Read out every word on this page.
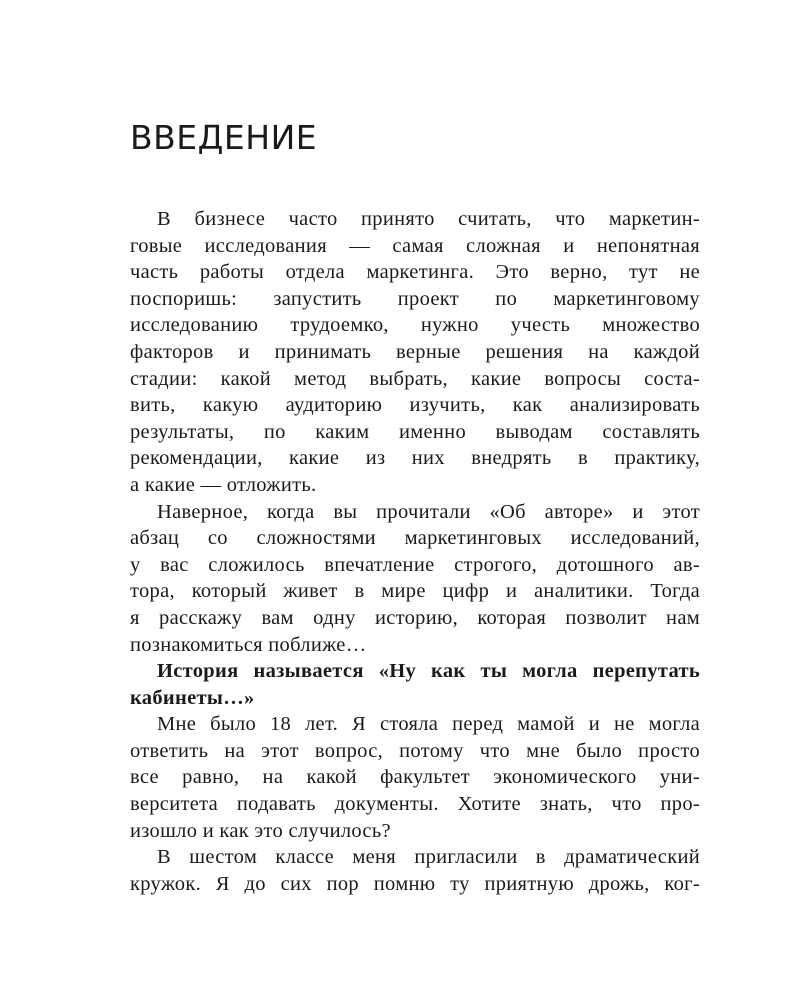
ВВЕДЕНИЕ
В бизнесе часто принято считать, что маркетин-
говые исследования — самая сложная и непонятная
часть работы отдела маркетинга. Это верно, тут не
поспоришь: запустить проект по маркетинговому
исследованию трудоемко, нужно учесть множество
факторов и принимать верные решения на каждой
стадии: какой метод выбрать, какие вопросы соста-
вить, какую аудиторию изучить, как анализировать
результаты, по каким именно выводам составлять
рекомендации, какие из них внедрять в практику,
а какие — отложить.
Наверное, когда вы прочитали «Об авторе» и этот
абзац со сложностями маркетинговых исследований,
у вас сложилось впечатление строгого, дотошного ав-
тора, который живет в мире цифр и аналитики. Тогда
я расскажу вам одну историю, которая позволит нам
познакомиться поближе…
История называется «Ну как ты могла перепутать
кабинеты…»
Мне было 18 лет. Я стояла перед мамой и не могла
ответить на этот вопрос, потому что мне было просто
все равно, на какой факультет экономического уни-
верситета подавать документы. Хотите знать, что про-
изошло и как это случилось?
В шестом классе меня пригласили в драматический
кружок. Я до сих пор помню ту приятную дрожь, ког-
